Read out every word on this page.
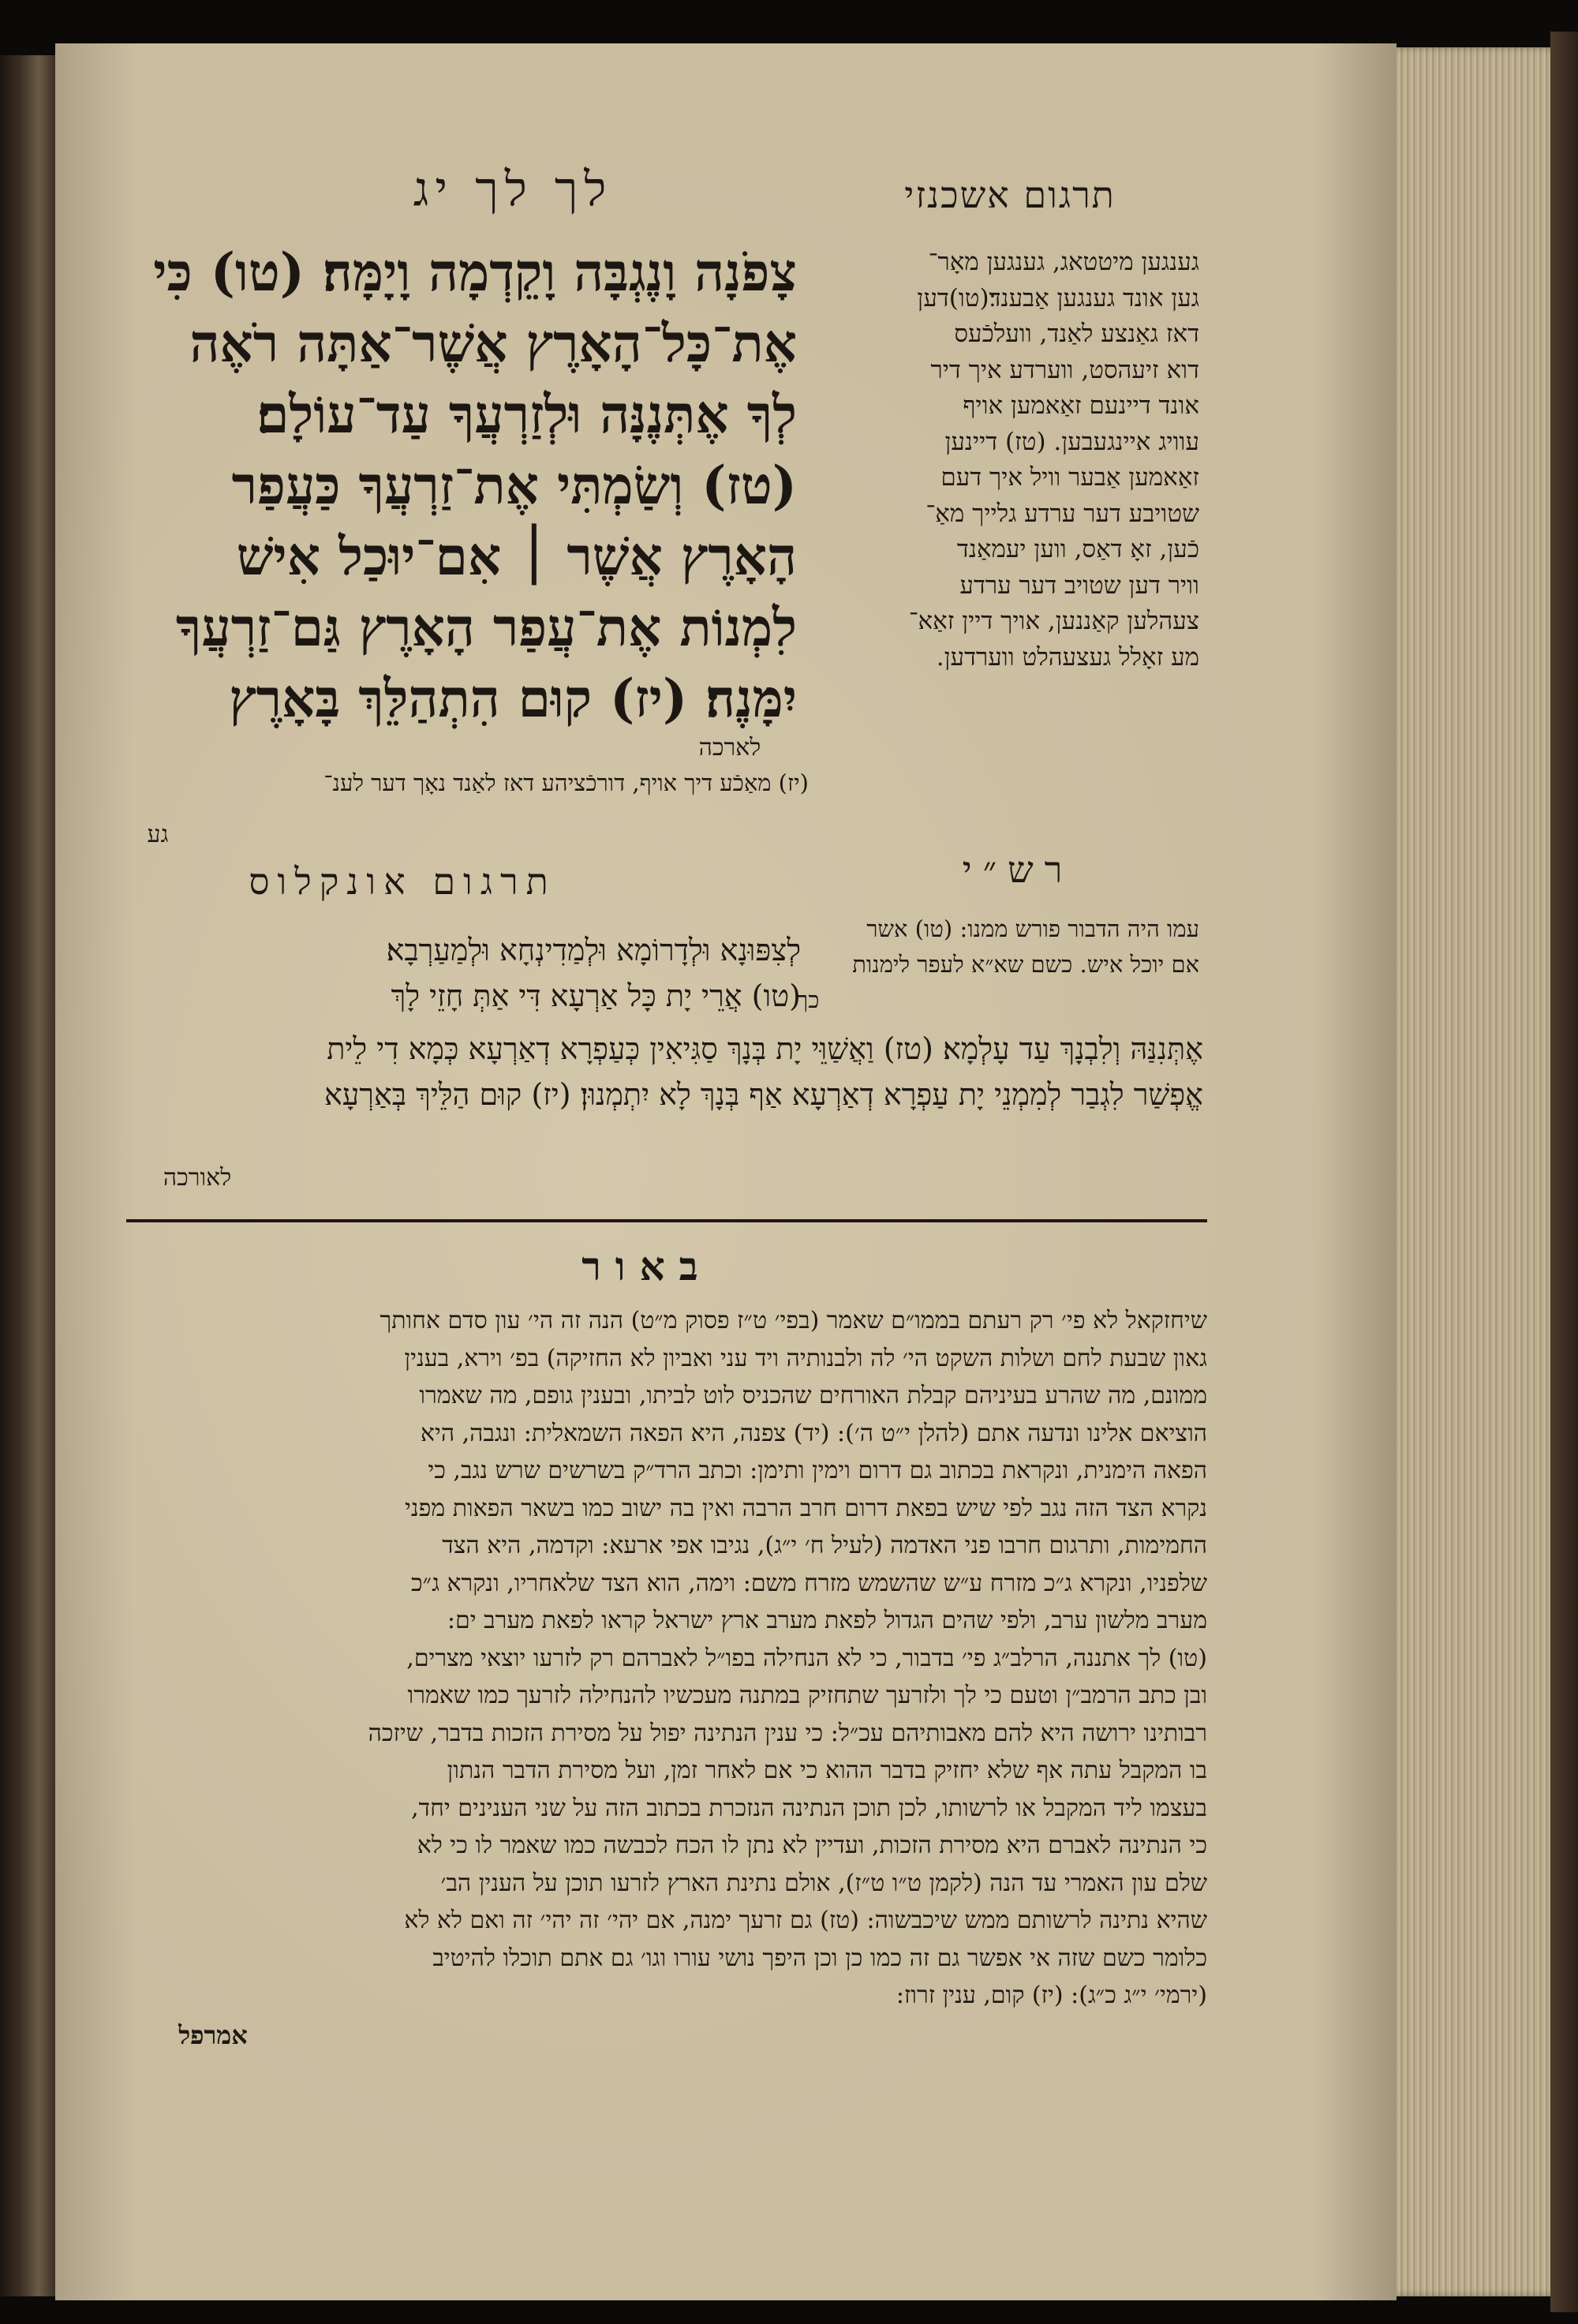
לך לך יג	תרגום אשכנזי
צָפֹנָה וָנֶגְבָּה וָקֵדְמָה וָיָמָּה׃ (טו) כִּי
אֶת־כָּל־הָאָרֶץ אֲשֶׁר־אַתָּה רֹאֶה
לְךָ אֶתְּנֶנָּה וּלְזַרְעֲךָ עַד־עוֹלָם׃
(טז) וְשַׂמְתִּי אֶת־זַרְעֲךָ כַּעֲפַר
הָאָרֶץ אֲשֶׁר ׀ אִם־יוּכַל אִישׁ
לִמְנוֹת אֶת־עֲפַר הָאָרֶץ גַּם־זַרְעֲךָ
יִמָּנֶה׃ (יז) קוּם הִתְהַלֵּךְ בָּאָרֶץ
לארכה
(יז) מאַכֿע דיך אויף, דורכֿציהע דאז לאַנד נאָך דער לענ־
גע
גענגען מיטטאג, גענגען מאָר־
גען אונד גענגען אַבענד׃(טו)דען
דאז גאַנצע לאַנד, וועלכֿעס
דוא זיעהסט, ווערדע איך דיר
אונד דיינעם זאַאמען אויף
עוויג איינגעבען. (טז) דיינען
זאַאמען אַבער וויל איך דעם
שטויבע דער ערדע גלייך מאַ־
כֿען, זאָ דאַס, ווען יעמאַנד
וויר דען שטויב דער ערדע
צעהלען קאַננען, אויך דיין זאַא־
מע זאָלל געצעהלט ווערדען.
רש״י
תרגום אונקלוס
עמו היה הדבור פורש ממנו: (טו) אשר
אם יוכל איש. כשם שא״א לעפר לימנות
כך
לְצִפּוּנָא וּלְדָרוֹמָא וּלְמַדִינְחָא וּלְמַעַרְבָא׃
(טו) אֲרֵי יָת כָּל אַרְעָא דִּי אַתְּ חָזֵי לָךְ
אֶתְּנִנַּהּ וְלִבְנָךְ עַד עָלְמָא׃ (טז) וַאֲשַׁוֵּי יָת בְּנָךְ סַגִּיאִין כְּעַפְרָא דְאַרְעָא כְּמָא דִי לֵית
אֱפְשַׁר לִגְבַר לְמִמְנֵי יָת עַפְרָא דְאַרְעָא אַף בְּנָךְ לָא יִתְמְנוּן׃ (יז) קוּם הַלֵּיךְ בְּאַרְעָא
לאורכה
באור
שיחזקאל לא פי׳ רק רעתם בממו״ם שאמר (בפי׳ ט״ז פסוק מ״ט) הנה זה הי׳ עון סדם אחותך
גאון שבעת לחם ושלות השקט הי׳ לה ולבנותיה ויד עני ואביון לא החזיקה) בפ׳ וירא, בענין
ממונם, מה שהרע בעיניהם קבלת האורחים שהכניס לוט לביתו, ובענין גופם, מה שאמרו
הוציאם אלינו ונדעה אתם (להלן י״ט ה׳): (יד) צפנה, היא הפאה השמאלית: ונגבה, היא
הפאה הימנית, ונקראת בכתוב גם דרום וימין ותימן: וכתב הרד״ק בשרשים שרש נגב, כי
נקרא הצד הזה נגב לפי שיש בפאת דרום חרב הרבה ואין בה ישוב כמו בשאר הפאות מפני
החמימות, ותרגום חרבו פני האדמה (לעיל ח׳ י״ג), נגיבו אפי ארעא: וקדמה, היא הצד
שלפניו, ונקרא ג״כ מזרח ע״ש שהשמש מזרח משם: וימה, הוא הצד שלאחריו, ונקרא ג״כ
מערב מלשון ערב, ולפי שהים הגדול לפאת מערב ארץ ישראל קראו לפאת מערב ים:
(טו) לך אתננה, הרלב״ג פי׳ בדבור, כי לא הנחילה בפו״ל לאברהם רק לזרעו יוצאי מצרים,
ובן כתב הרמב״ן וטעם כי לך ולזרעך שתחזיק במתנה מעכשיו להנחילה לזרעך כמו שאמרו
רבותינו ירושה היא להם מאבותיהם עכ״ל: כי ענין הנתינה יפול על מסירת הזכות בדבר, שיזכה
בו המקבל עתה אף שלא יחזיק בדבר ההוא כי אם לאחר זמן, ועל מסירת הדבר הנתון
בעצמו ליד המקבל או לרשותו, לכן תוכן הנתינה הנזכרת בכתוב הזה על שני הענינים יחד,
כי הנתינה לאברם היא מסירת הזכות, ועדיין לא נתן לו הכח לכבשה כמו שאמר לו כי לא
שלם עון האמרי עד הנה (לקמן ט״ו ט״ז), אולם נתינת הארץ לזרעו תוכן על הענין הב׳
שהיא נתינה לרשותם ממש שיכבשוה: (טז) גם זרעך ימנה, אם יהי׳ זה יהי׳ זה ואם לא לא
כלומר כשם שזה אי אפשר גם זה כמו כן וכן היפך נושי עורו וגו׳ גם אתם תוכלו להיטיב
(ירמי׳ י״ג כ״ג): (יז) קום, ענין זרוז:
אמרפל
